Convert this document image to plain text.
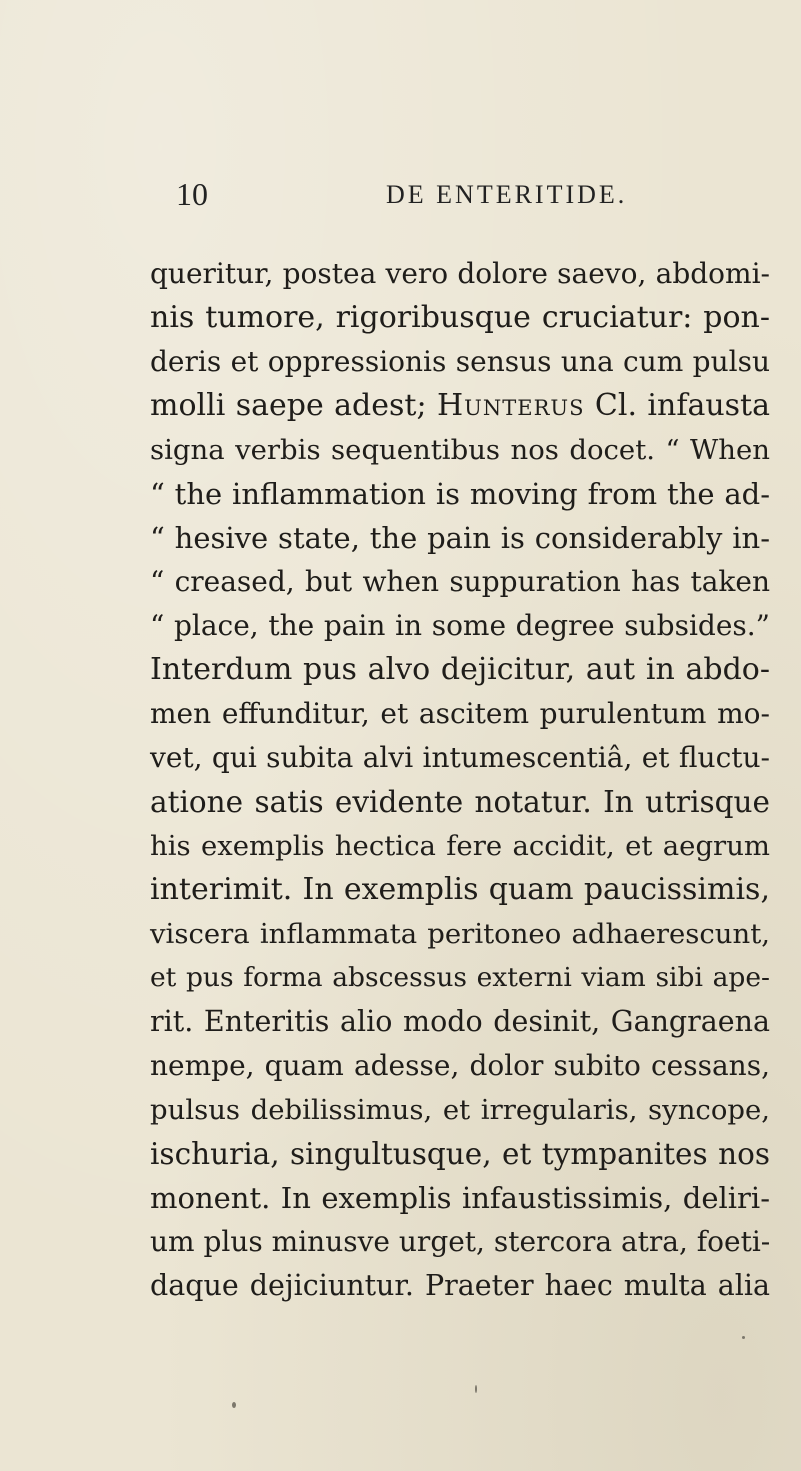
10	DE ENTERITIDE.
queritur, postea vero dolore saevo, abdomi-
nis tumore, rigoribusque cruciatur: pon-
deris et oppressionis sensus una cum pulsu
molli saepe adest; Hunterus Cl. infausta
signa verbis sequentibus nos docet. “ When
“ the inflammation is moving from the ad-
“ hesive state, the pain is considerably in-
“ creased, but when suppuration has taken
“ place, the pain in some degree subsides.”
Interdum pus alvo dejicitur, aut in abdo-
men effunditur, et ascitem purulentum mo-
vet, qui subita alvi intumescentiâ, et fluctu-
atione satis evidente notatur. In utrisque
his exemplis hectica fere accidit, et aegrum
interimit. In exemplis quam paucissimis,
viscera inflammata peritoneo adhaerescunt,
et pus forma abscessus externi viam sibi ape-
rit. Enteritis alio modo desinit, Gangraena
nempe, quam adesse, dolor subito cessans,
pulsus debilissimus, et irregularis, syncope,
ischuria, singultusque, et tympanites nos
monent. In exemplis infaustissimis, deliri-
um plus minusve urget, stercora atra, foeti-
daque dejiciuntur. Praeter haec multa alia
